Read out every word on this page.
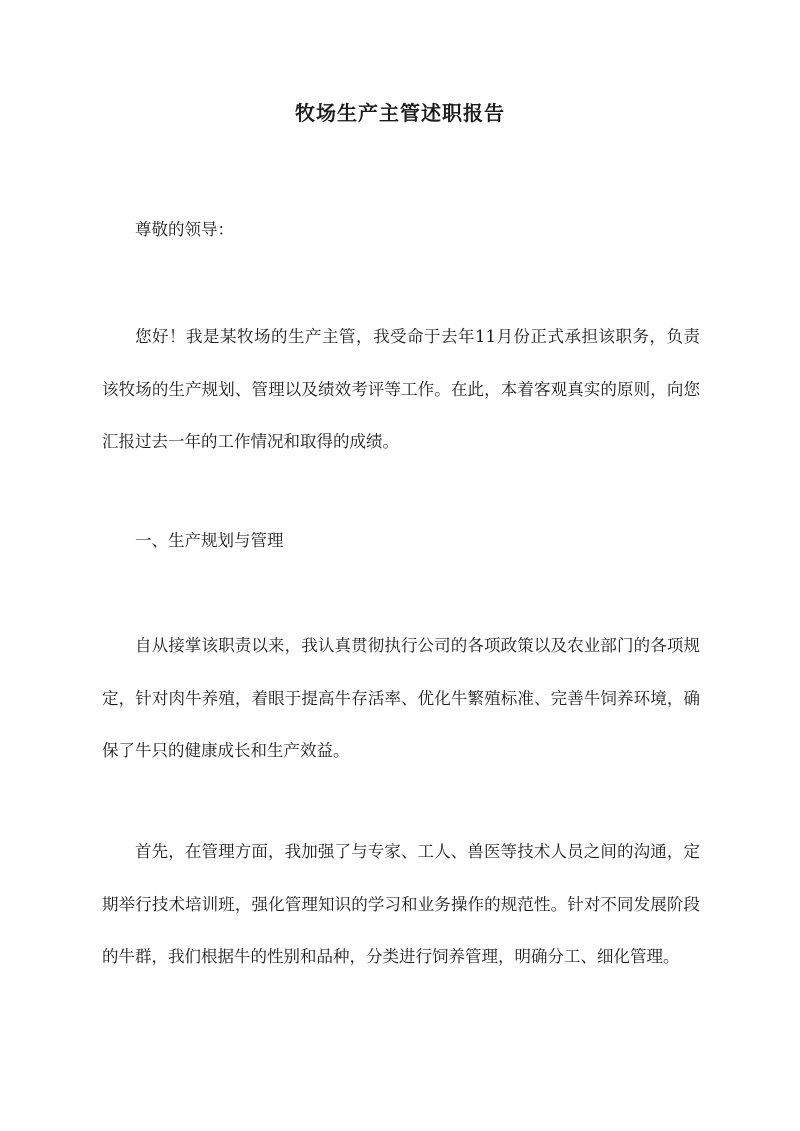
牧场生产主管述职报告
尊敬的领导：
您好！我是某牧场的生产主管，我受命于去年11月份正式承担该职务，负责该牧场的生产规划、管理以及绩效考评等工作。在此，本着客观真实的原则，向您汇报过去一年的工作情况和取得的成绩。
一、生产规划与管理
自从接掌该职责以来，我认真贯彻执行公司的各项政策以及农业部门的各项规定，针对肉牛养殖，着眼于提高牛存活率、优化牛繁殖标准、完善牛饲养环境，确保了牛只的健康成长和生产效益。
首先，在管理方面，我加强了与专家、工人、兽医等技术人员之间的沟通，定期举行技术培训班，强化管理知识的学习和业务操作的规范性。针对不同发展阶段的牛群，我们根据牛的性别和品种，分类进行饲养管理，明确分工、细化管理。
